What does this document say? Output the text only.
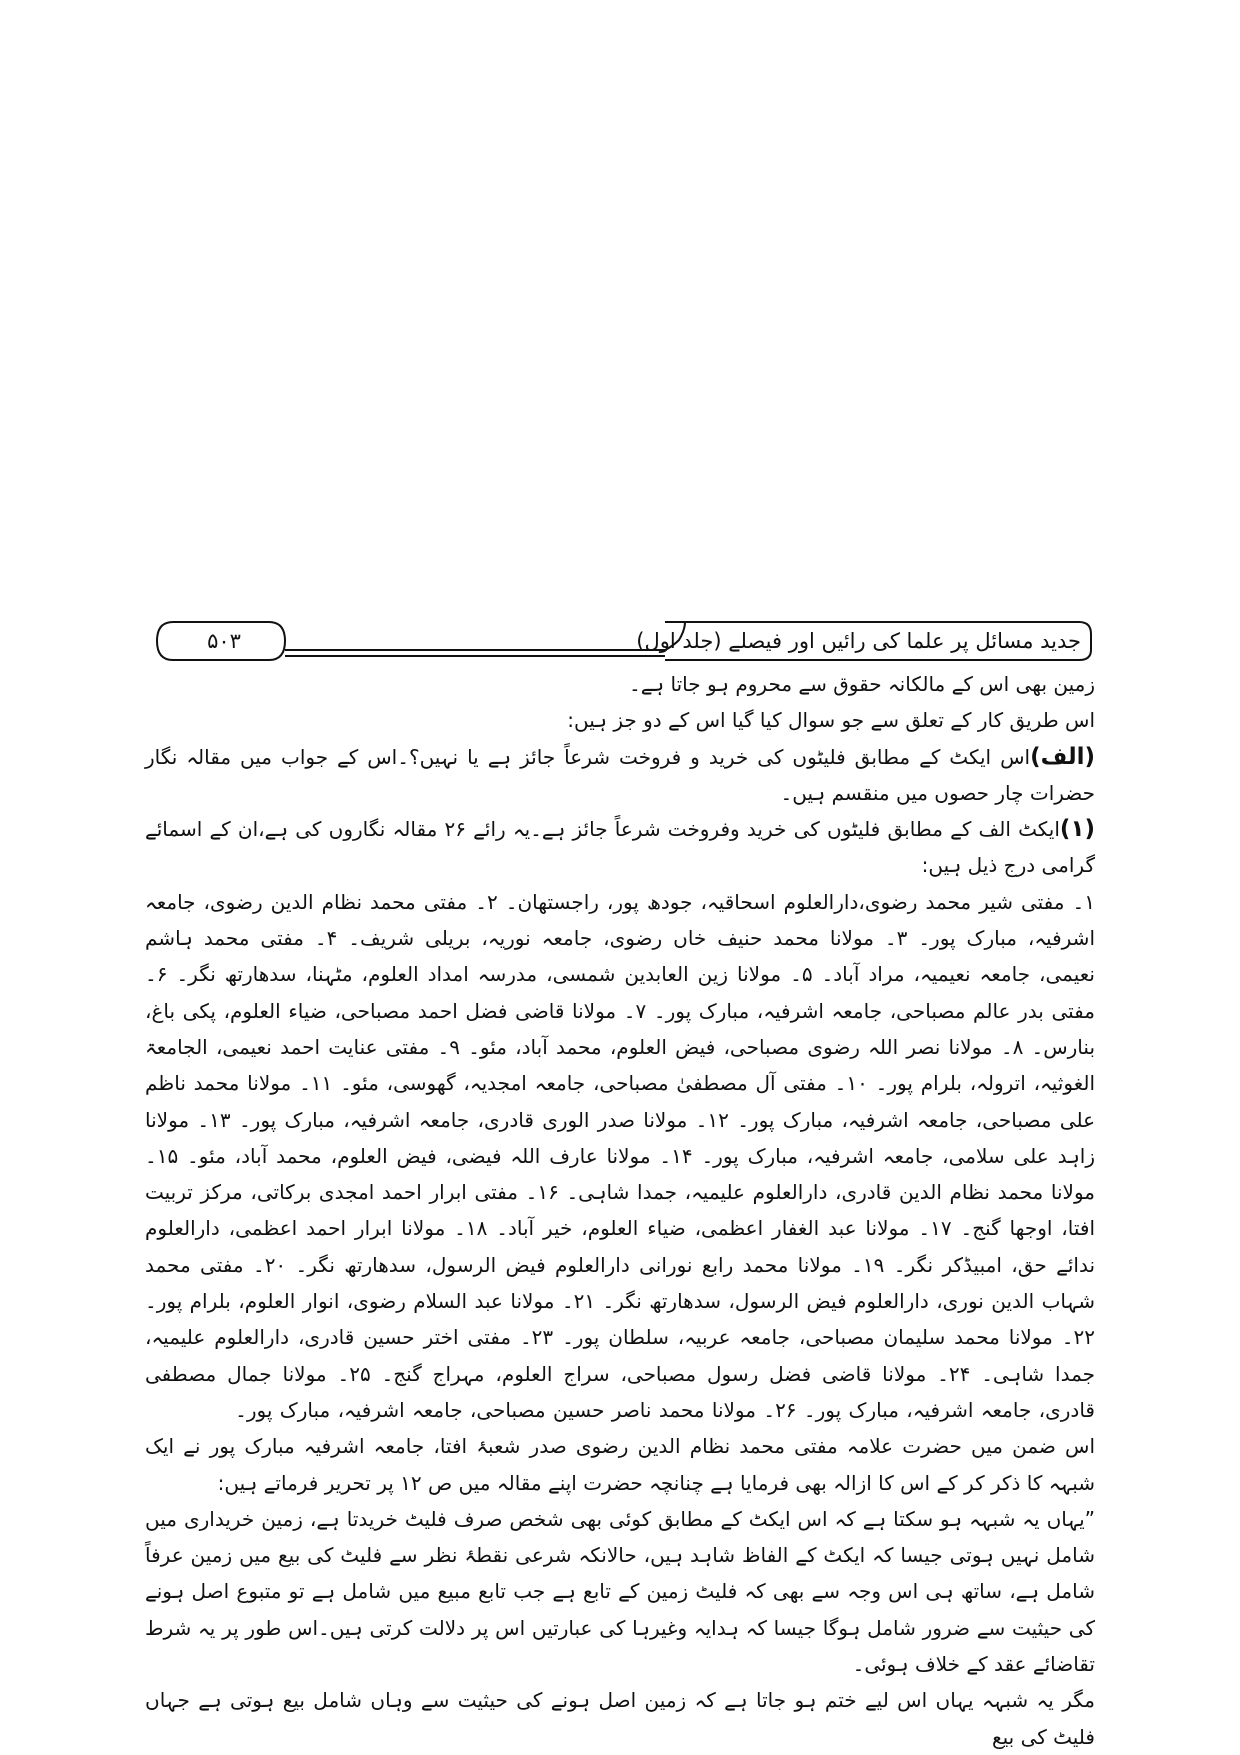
۵۰۳	جدید مسائل پر علما کی رائیں اور فیصلے (جلد اول)

زمین بھی اس کے مالکانہ حقوق سے محروم ہو جاتا ہے۔

اس طریق کار کے تعلق سے جو سوال کیا گیا اس کے دو جز ہیں:

(الف)اس ایکٹ کے مطابق فلیٹوں کی خرید و فروخت شرعاً جائز ہے یا نہیں؟۔اس کے جواب میں مقالہ نگار حضرات چار حصوں میں منقسم ہیں۔

(۱)ایکٹ الف کے مطابق فلیٹوں کی خرید وفروخت شرعاً جائز ہے۔یہ رائے ۲۶ مقالہ نگاروں کی ہے،ان کے اسمائے گرامی درج ذیل ہیں:

۱۔ مفتی شیر محمد رضوی،دارالعلوم اسحاقیہ، جودھ پور، راجستھان۔ ۲۔ مفتی محمد نظام الدین رضوی، جامعہ اشرفیہ، مبارک پور۔ ۳۔ مولانا محمد حنیف خاں رضوی، جامعہ نوریہ، بریلی شریف۔ ۴۔ مفتی محمد ہاشم نعیمی، جامعہ نعیمیہ، مراد آباد۔ ۵۔ مولانا زین العابدین شمسی، مدرسہ امداد العلوم، مٹہنا، سدھارتھ نگر۔ ۶۔ مفتی بدر عالم مصباحی، جامعہ اشرفیہ، مبارک پور۔ ۷۔ مولانا قاضی فضل احمد مصباحی، ضیاء العلوم، پکی باغ، بنارس۔ ۸۔ مولانا نصر اللہ رضوی مصباحی، فیض العلوم، محمد آباد، مئو۔ ۹۔ مفتی عنایت احمد نعیمی، الجامعۃ الغوثیہ، اترولہ، بلرام پور۔ ۱۰۔ مفتی آل مصطفیٰ مصباحی، جامعہ امجدیہ، گھوسی، مئو۔ ۱۱۔ مولانا محمد ناظم علی مصباحی، جامعہ اشرفیہ، مبارک پور۔ ۱۲۔ مولانا صدر الوری قادری، جامعہ اشرفیہ، مبارک پور۔ ۱۳۔ مولانا زاہد علی سلامی، جامعہ اشرفیہ، مبارک پور۔ ۱۴۔ مولانا عارف اللہ فیضی، فیض العلوم، محمد آباد، مئو۔ ۱۵۔ مولانا محمد نظام الدین قادری، دارالعلوم علیمیہ، جمدا شاہی۔ ۱۶۔ مفتی ابرار احمد امجدی برکاتی، مرکز تربیت افتا، اوجھا گنج۔ ۱۷۔ مولانا عبد الغفار اعظمی، ضیاء العلوم، خیر آباد۔ ۱۸۔ مولانا ابرار احمد اعظمی، دارالعلوم ندائے حق، امبیڈکر نگر۔ ۱۹۔ مولانا محمد رابع نورانی دارالعلوم فیض الرسول، سدھارتھ نگر۔ ۲۰۔ مفتی محمد شہاب الدین نوری، دارالعلوم فیض الرسول، سدھارتھ نگر۔ ۲۱۔ مولانا عبد السلام رضوی، انوار العلوم، بلرام پور۔ ۲۲۔ مولانا محمد سلیمان مصباحی، جامعہ عربیہ، سلطان پور۔ ۲۳۔ مفتی اختر حسین قادری، دارالعلوم علیمیہ، جمدا شاہی۔ ۲۴۔ مولانا قاضی فضل رسول مصباحی، سراج العلوم، مہراج گنج۔ ۲۵۔ مولانا جمال مصطفی قادری، جامعہ اشرفیہ، مبارک پور۔ ۲۶۔ مولانا محمد ناصر حسین مصباحی، جامعہ اشرفیہ، مبارک پور۔

اس ضمن میں حضرت علامہ مفتی محمد نظام الدین رضوی صدر شعبۂ افتا، جامعہ اشرفیہ مبارک پور نے ایک شبہہ کا ذکر کر کے اس کا ازالہ بھی فرمایا ہے چنانچہ حضرت اپنے مقالہ میں ص ۱۲ پر تحریر فرماتے ہیں:

”یہاں یہ شبہہ ہو سکتا ہے کہ اس ایکٹ کے مطابق کوئی بھی شخص صرف فلیٹ خریدتا ہے، زمین خریداری میں شامل نہیں ہوتی جیسا کہ ایکٹ کے الفاظ شاہد ہیں، حالانکہ شرعی نقطۂ نظر سے فلیٹ کی بیع میں زمین عرفاً شامل ہے، ساتھ ہی اس وجہ سے بھی کہ فلیٹ زمین کے تابع ہے جب تابع مبیع میں شامل ہے تو متبوع اصل ہونے کی حیثیت سے ضرور شامل ہوگا جیسا کہ ہدایہ وغیرہا کی عبارتیں اس پر دلالت کرتی ہیں۔اس طور پر یہ شرط تقاضائے عقد کے خلاف ہوئی۔

مگر یہ شبہہ یہاں اس لیے ختم ہو جاتا ہے کہ زمین اصل ہونے کی حیثیت سے وہاں شامل بیع ہوتی ہے جہاں فلیٹ کی بیع
